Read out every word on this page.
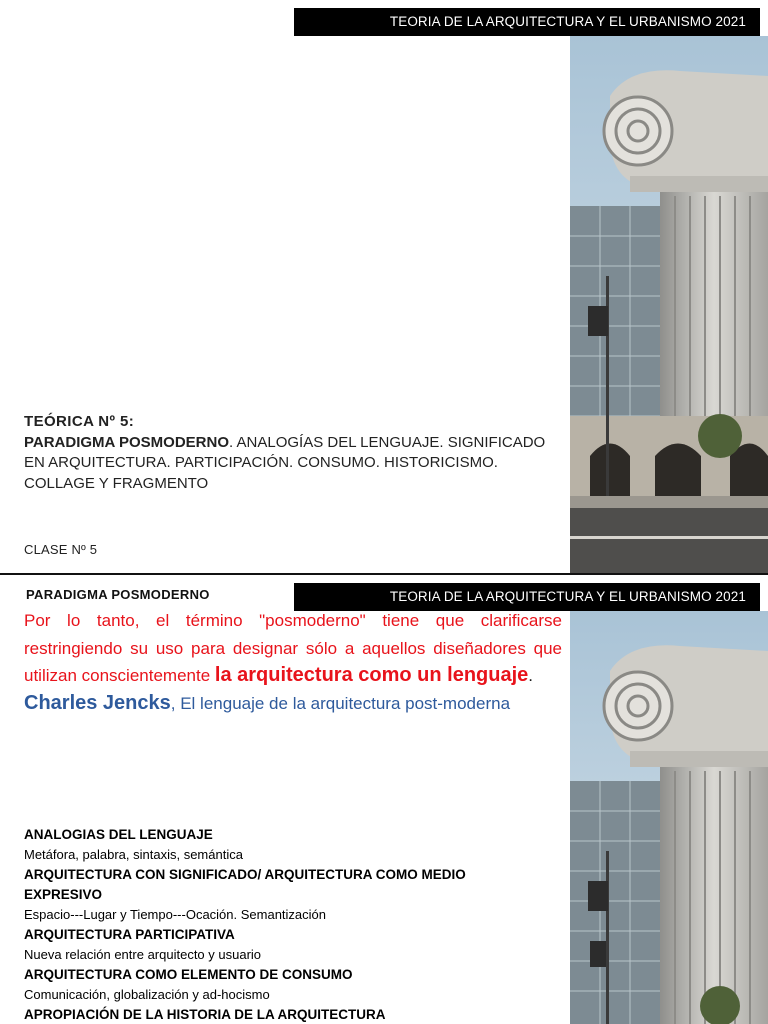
TEORIA DE LA ARQUITECTURA Y EL URBANISMO 2021
TEÓRICA Nº 5:
PARADIGMA POSMODERNO. ANALOGÍAS DEL LENGUAJE. SIGNIFICADO EN ARQUITECTURA. PARTICIPACIÓN. CONSUMO. HISTORICISMO. COLLAGE Y FRAGMENTO
CLASE Nº 5
PARADIGMA POSMODERNO	TEORIA DE LA ARQUITECTURA Y EL URBANISMO 2021
Por lo tanto, el término "posmoderno" tiene que clarificarse restringiendo su uso para designar sólo a aquellos diseñadores que utilizan conscientemente la arquitectura como un lenguaje.
Charles Jencks, El lenguaje de la arquitectura post-moderna
ANALOGIAS DEL LENGUAJE
Metáfora, palabra, sintaxis, semántica
ARQUITECTURA CON SIGNIFICADO/ ARQUITECTURA COMO MEDIO EXPRESIVO
Espacio---Lugar y Tiempo---Ocación. Semantización
ARQUITECTURA PARTICIPATIVA
Nueva relación entre arquitecto y usuario
ARQUITECTURA COMO ELEMENTO DE CONSUMO
Comunicación, globalización y ad-hocismo
APROPIACIÓN DE LA HISTORIA DE LA ARQUITECTURA
